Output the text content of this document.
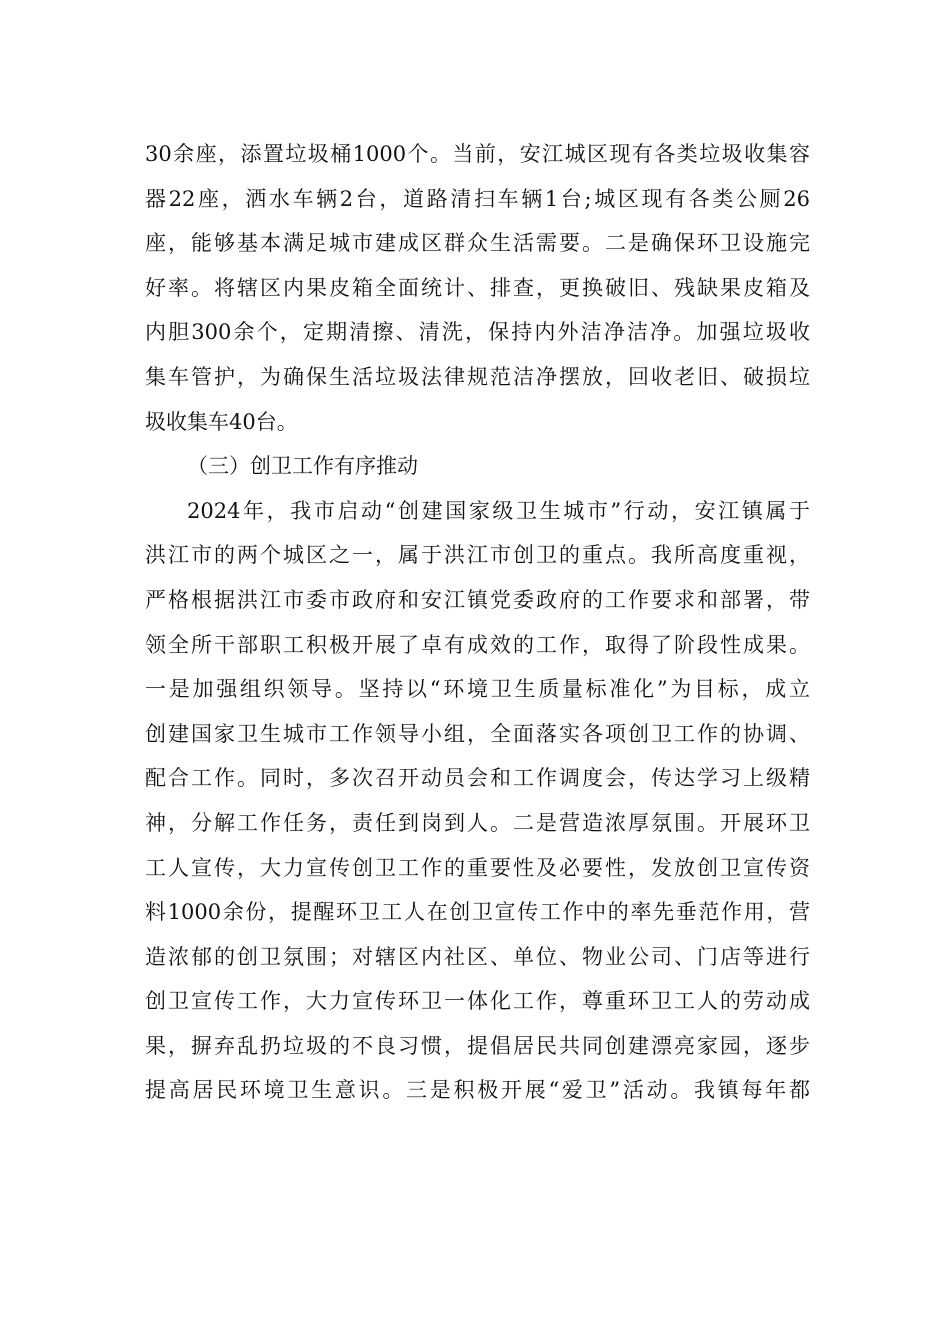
30余座，添置垃圾桶1000个。当前，安江城区现有各类垃圾收集容
器22座，洒水车辆2台，道路清扫车辆1台;城区现有各类公厕26
座，能够基本满足城市建成区群众生活需要。二是确保环卫设施完
好率。将辖区内果皮箱全面统计、排查，更换破旧、残缺果皮箱及
内胆300余个，定期清擦、清洗，保持内外洁净洁净。加强垃圾收
集车管护，为确保生活垃圾法律规范洁净摆放，回收老旧、破损垃
圾收集车40台。
（三）创卫工作有序推动
2024年，我市启动“创建国家级卫生城市”行动，安江镇属于
洪江市的两个城区之一，属于洪江市创卫的重点。我所高度重视，
严格根据洪江市委市政府和安江镇党委政府的工作要求和部署，带
领全所干部职工积极开展了卓有成效的工作，取得了阶段性成果。
一是加强组织领导。坚持以“环境卫生质量标准化”为目标，成立
创建国家卫生城市工作领导小组，全面落实各项创卫工作的协调、
配合工作。同时，多次召开动员会和工作调度会，传达学习上级精
神，分解工作任务，责任到岗到人。二是营造浓厚氛围。开展环卫
工人宣传，大力宣传创卫工作的重要性及必要性，发放创卫宣传资
料1000余份，提醒环卫工人在创卫宣传工作中的率先垂范作用，营
造浓郁的创卫氛围；对辖区内社区、单位、物业公司、门店等进行
创卫宣传工作，大力宣传环卫一体化工作，尊重环卫工人的劳动成
果，摒弃乱扔垃圾的不良习惯，提倡居民共同创建漂亮家园，逐步
提高居民环境卫生意识。三是积极开展“爱卫”活动。我镇每年都
